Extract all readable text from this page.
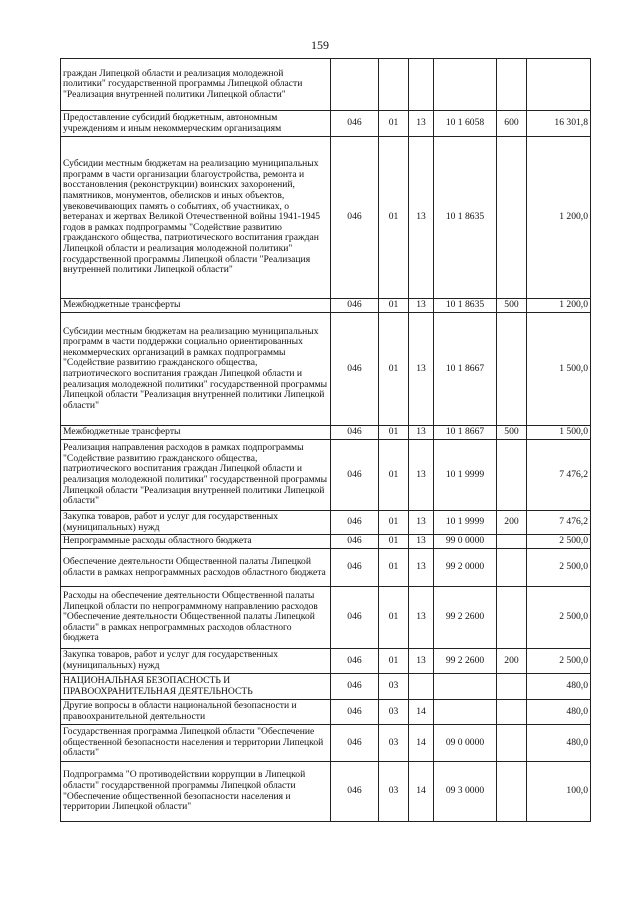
159
граждан Липецкой области и реализация молодежной политики" государственной программы Липецкой области "Реализация внутренней политики Липецкой области"						
Предоставление субсидий бюджетным, автономным учреждениям и иным некоммерческим организациям	046	01	13	10 1 6058	600	16 301,8
Субсидии местным бюджетам на реализацию муниципальных программ в части организации благоустройства, ремонта и восстановления (реконструкции) воинских захоронений, памятников, монументов, обелисков и иных объектов, увековечивающих память о событиях, об участниках, о ветеранах и жертвах Великой Отечественной войны 1941-1945 годов в рамках подпрограммы "Содействие развитию гражданского общества, патриотического воспитания граждан Липецкой области и реализация молодежной политики" государственной программы Липецкой области "Реализация внутренней политики Липецкой области"	046	01	13	10 1 8635		1 200,0
Межбюджетные трансферты	046	01	13	10 1 8635	500	1 200,0
Субсидии местным бюджетам на реализацию муниципальных программ в части поддержки социально ориентированных некоммерческих организаций в рамках подпрограммы "Содействие развитию гражданского общества, патриотического воспитания граждан Липецкой области и реализация молодежной политики" государственной программы Липецкой области "Реализация внутренней политики Липецкой области"	046	01	13	10 1 8667		1 500,0
Межбюджетные трансферты	046	01	13	10 1 8667	500	1 500,0
Реализация направления расходов в рамках подпрограммы "Содействие развитию гражданского общества, патриотического воспитания граждан Липецкой области и реализация молодежной политики" государственной программы Липецкой области "Реализация внутренней политики Липецкой области"	046	01	13	10 1 9999		7 476,2
Закупка товаров, работ и услуг для государственных (муниципальных) нужд	046	01	13	10 1 9999	200	7 476,2
Непрограммные расходы областного бюджета	046	01	13	99 0 0000		2 500,0
Обеспечение деятельности Общественной палаты Липецкой области в рамках непрограммных расходов областного бюджета	046	01	13	99 2 0000		2 500,0
Расходы на обеспечение деятельности Общественной палаты Липецкой области по непрограммному направлению расходов "Обеспечение деятельности Общественной палаты Липецкой области" в рамках непрограммных расходов областного бюджета	046	01	13	99 2 2600		2 500,0
Закупка товаров, работ и услуг для государственных (муниципальных) нужд	046	01	13	99 2 2600	200	2 500,0
НАЦИОНАЛЬНАЯ БЕЗОПАСНОСТЬ И ПРАВООХРАНИТЕЛЬНАЯ ДЕЯТЕЛЬНОСТЬ	046	03				480,0
Другие вопросы в области национальной безопасности и правоохранительной деятельности	046	03	14			480,0
Государственная программа Липецкой области "Обеспечение общественной безопасности населения и территории Липецкой области"	046	03	14	09 0 0000		480,0
Подпрограмма "О противодействии коррупции в Липецкой области" государственной программы Липецкой области "Обеспечение общественной безопасности населения и территории Липецкой области"	046	03	14	09 3 0000		100,0
